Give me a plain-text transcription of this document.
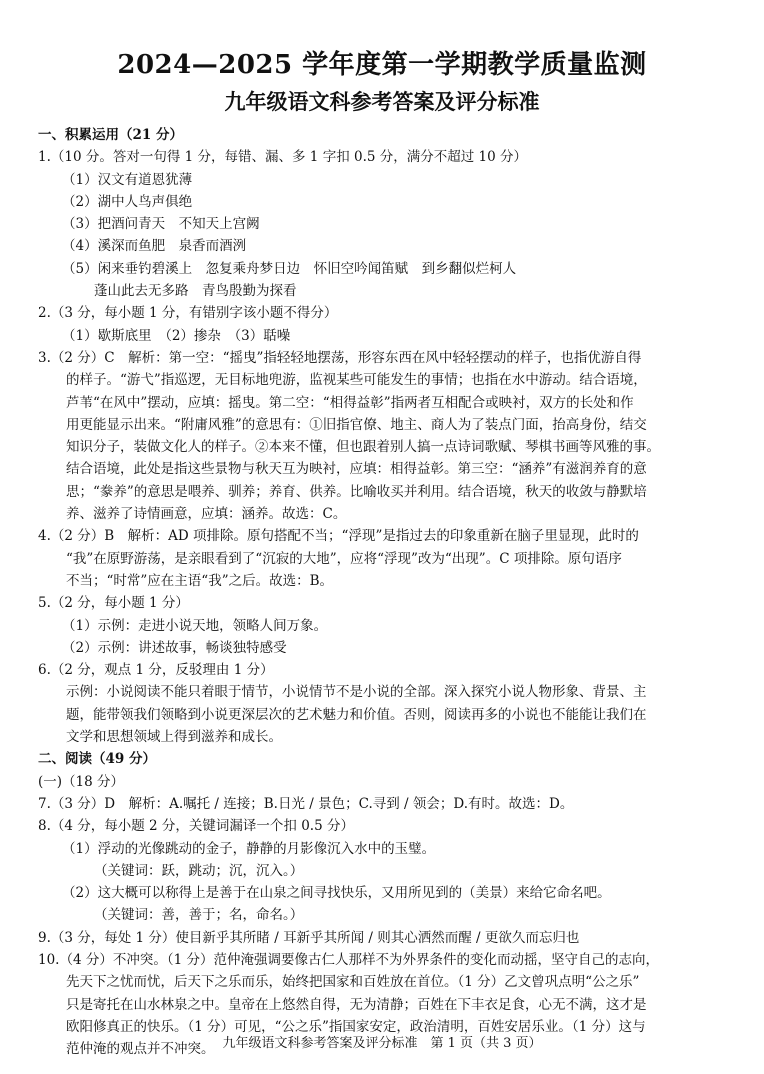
2024—2025 学年度第一学期教学质量监测
九年级语文科参考答案及评分标准
一、积累运用（21 分）
1.（10 分。答对一句得 1 分，每错、漏、多 1 字扣 0.5 分，满分不超过 10 分）
（1）汉文有道恩犹薄
（2）湖中人鸟声俱绝
（3）把酒问青天　不知天上宫阙
（4）溪深而鱼肥　泉香而酒洌
（5）闲来垂钓碧溪上　忽复乘舟梦日边　怀旧空吟闻笛赋　到乡翻似烂柯人
蓬山此去无多路　青鸟殷勤为探看
2.（3 分，每小题 1 分，有错别字该小题不得分）
（1）歇斯底里　（2）掺杂　（3）聒噪
3.（2 分）C　解析：第一空：“摇曳”指轻轻地摆荡，形容东西在风中轻轻摆动的样子，也指优游自得
的样子。“游弋”指巡逻，无目标地兜游，监视某些可能发生的事情；也指在水中游动。结合语境，
芦苇“在风中”摆动，应填：摇曳。第二空：“相得益彰”指两者互相配合或映衬，双方的长处和作
用更能显示出来。“附庸风雅”的意思有：①旧指官僚、地主、商人为了装点门面，抬高身份，结交
知识分子，装做文化人的样子。②本来不懂，但也跟着别人搞一点诗词歌赋、琴棋书画等风雅的事。
结合语境，此处是指这些景物与秋天互为映衬，应填：相得益彰。第三空：“涵养”有滋润养育的意
思；“豢养”的意思是喂养、驯养；养育、供养。比喻收买并利用。结合语境，秋天的收敛与静默培
养、滋养了诗情画意，应填：涵养。故选：C。
4.（2 分）B　解析：AD 项排除。原句搭配不当；“浮现”是指过去的印象重新在脑子里显现，此时的
“我”在原野游荡，是亲眼看到了“沉寂的大地”，应将“浮现”改为“出现”。C 项排除。原句语序
不当；“时常”应在主语“我”之后。故选：B。
5.（2 分，每小题 1 分）
（1）示例：走进小说天地，领略人间万象。
（2）示例：讲述故事，畅谈独特感受
6.（2 分，观点 1 分，反驳理由 1 分）
示例：小说阅读不能只着眼于情节，小说情节不是小说的全部。深入探究小说人物形象、背景、主
题，能带领我们领略到小说更深层次的艺术魅力和价值。否则，阅读再多的小说也不能能让我们在
文学和思想领域上得到滋养和成长。
二、阅读（49 分）
(一)（18 分）
7.（3 分）D　解析：A.嘱托 / 连接；B.日光 / 景色；C.寻到 / 领会；D.有时。故选：D。
8.（4 分，每小题 2 分，关键词漏译一个扣 0.5 分）
（1）浮动的光像跳动的金子，静静的月影像沉入水中的玉璧。
（关键词：跃，跳动；沉，沉入。）
（2）这大概可以称得上是善于在山泉之间寻找快乐，又用所见到的（美景）来给它命名吧。
（关键词：善，善于；名，命名。）
9.（3 分，每处 1 分）使目新乎其所睹 / 耳新乎其所闻 / 则其心洒然而醒 / 更欲久而忘归也
10.（4 分）不冲突。（1 分）范仲淹强调要像古仁人那样不为外界条件的变化而动摇，坚守自己的志向，
先天下之忧而忧，后天下之乐而乐，始终把国家和百姓放在首位。（1 分）乙文曾巩点明“公之乐”
只是寄托在山水林泉之中。皇帝在上悠然自得，无为清静；百姓在下丰衣足食，心无不满，这才是
欧阳修真正的快乐。（1 分）可见，“公之乐”指国家安定，政治清明，百姓安居乐业。（1 分）这与
范仲淹的观点并不冲突。 九年级语文科参考答案及评分标准　第 1 页（共 3 页）
